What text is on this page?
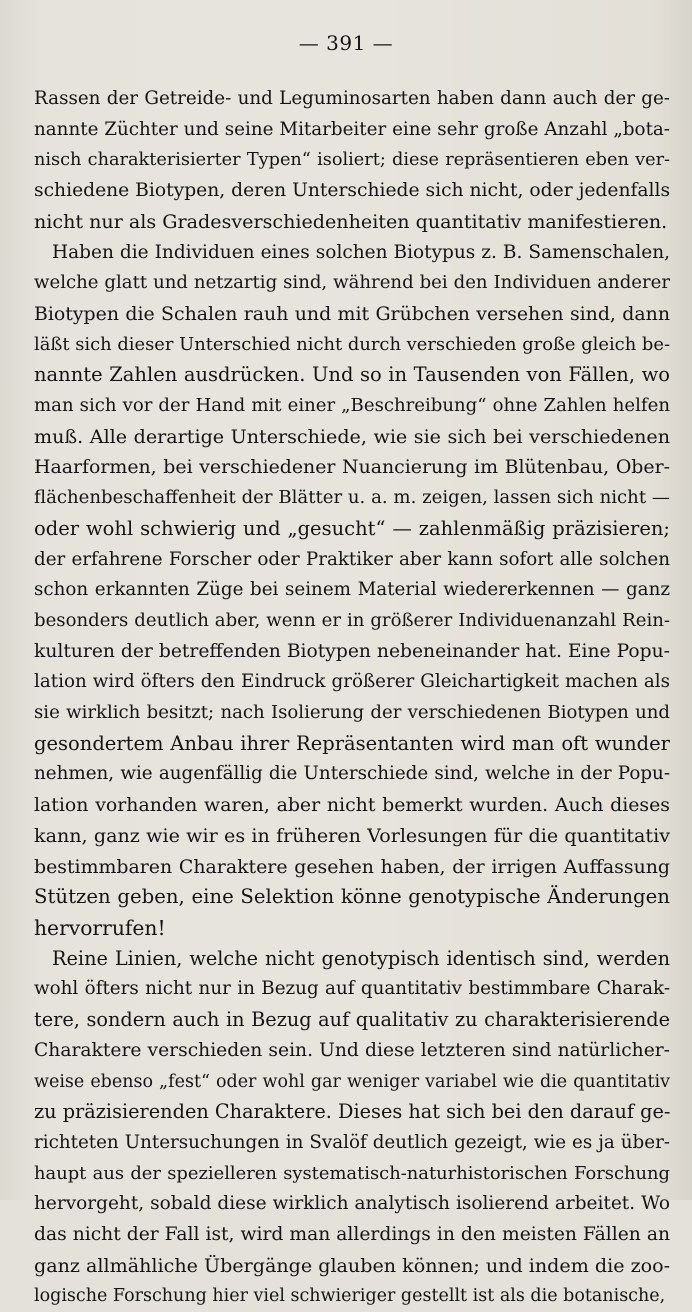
— 391 —
Rassen der Getreide- und Leguminosarten haben dann auch der ge-
nannte Züchter und seine Mitarbeiter eine sehr große Anzahl „bota-
nisch charakterisierter Typen“ isoliert; diese repräsentieren eben ver-
schiedene Biotypen, deren Unterschiede sich nicht, oder jedenfalls
nicht nur als Gradesverschiedenheiten quantitativ manifestieren.
Haben die Individuen eines solchen Biotypus z. B. Samenschalen,
welche glatt und netzartig sind, während bei den Individuen anderer
Biotypen die Schalen rauh und mit Grübchen versehen sind, dann
läßt sich dieser Unterschied nicht durch verschieden große gleich be-
nannte Zahlen ausdrücken. Und so in Tausenden von Fällen, wo
man sich vor der Hand mit einer „Beschreibung“ ohne Zahlen helfen
muß. Alle derartige Unterschiede, wie sie sich bei verschiedenen
Haarformen, bei verschiedener Nuancierung im Blütenbau, Ober-
flächenbeschaffenheit der Blätter u. a. m. zeigen, lassen sich nicht —
oder wohl schwierig und „gesucht“ — zahlenmäßig präzisieren;
der erfahrene Forscher oder Praktiker aber kann sofort alle solchen
schon erkannten Züge bei seinem Material wiedererkennen — ganz
besonders deutlich aber, wenn er in größerer Individuenanzahl Rein-
kulturen der betreffenden Biotypen nebeneinander hat. Eine Popu-
lation wird öfters den Eindruck größerer Gleichartigkeit machen als
sie wirklich besitzt; nach Isolierung der verschiedenen Biotypen und
gesondertem Anbau ihrer Repräsentanten wird man oft wunder
nehmen, wie augenfällig die Unterschiede sind, welche in der Popu-
lation vorhanden waren, aber nicht bemerkt wurden. Auch dieses
kann, ganz wie wir es in früheren Vorlesungen für die quantitativ
bestimmbaren Charaktere gesehen haben, der irrigen Auffassung
Stützen geben, eine Selektion könne genotypische Änderungen
hervorrufen!
Reine Linien, welche nicht genotypisch identisch sind, werden
wohl öfters nicht nur in Bezug auf quantitativ bestimmbare Charak-
tere, sondern auch in Bezug auf qualitativ zu charakterisierende
Charaktere verschieden sein. Und diese letzteren sind natürlicher-
weise ebenso „fest“ oder wohl gar weniger variabel wie die quantitativ
zu präzisierenden Charaktere. Dieses hat sich bei den darauf ge-
richteten Untersuchungen in Svalöf deutlich gezeigt, wie es ja über-
haupt aus der spezielleren systematisch-naturhistorischen Forschung
hervorgeht, sobald diese wirklich analytisch isolierend arbeitet. Wo
das nicht der Fall ist, wird man allerdings in den meisten Fällen an
ganz allmähliche Übergänge glauben können; und indem die zoo-
logische Forschung hier viel schwieriger gestellt ist als die botanische,
